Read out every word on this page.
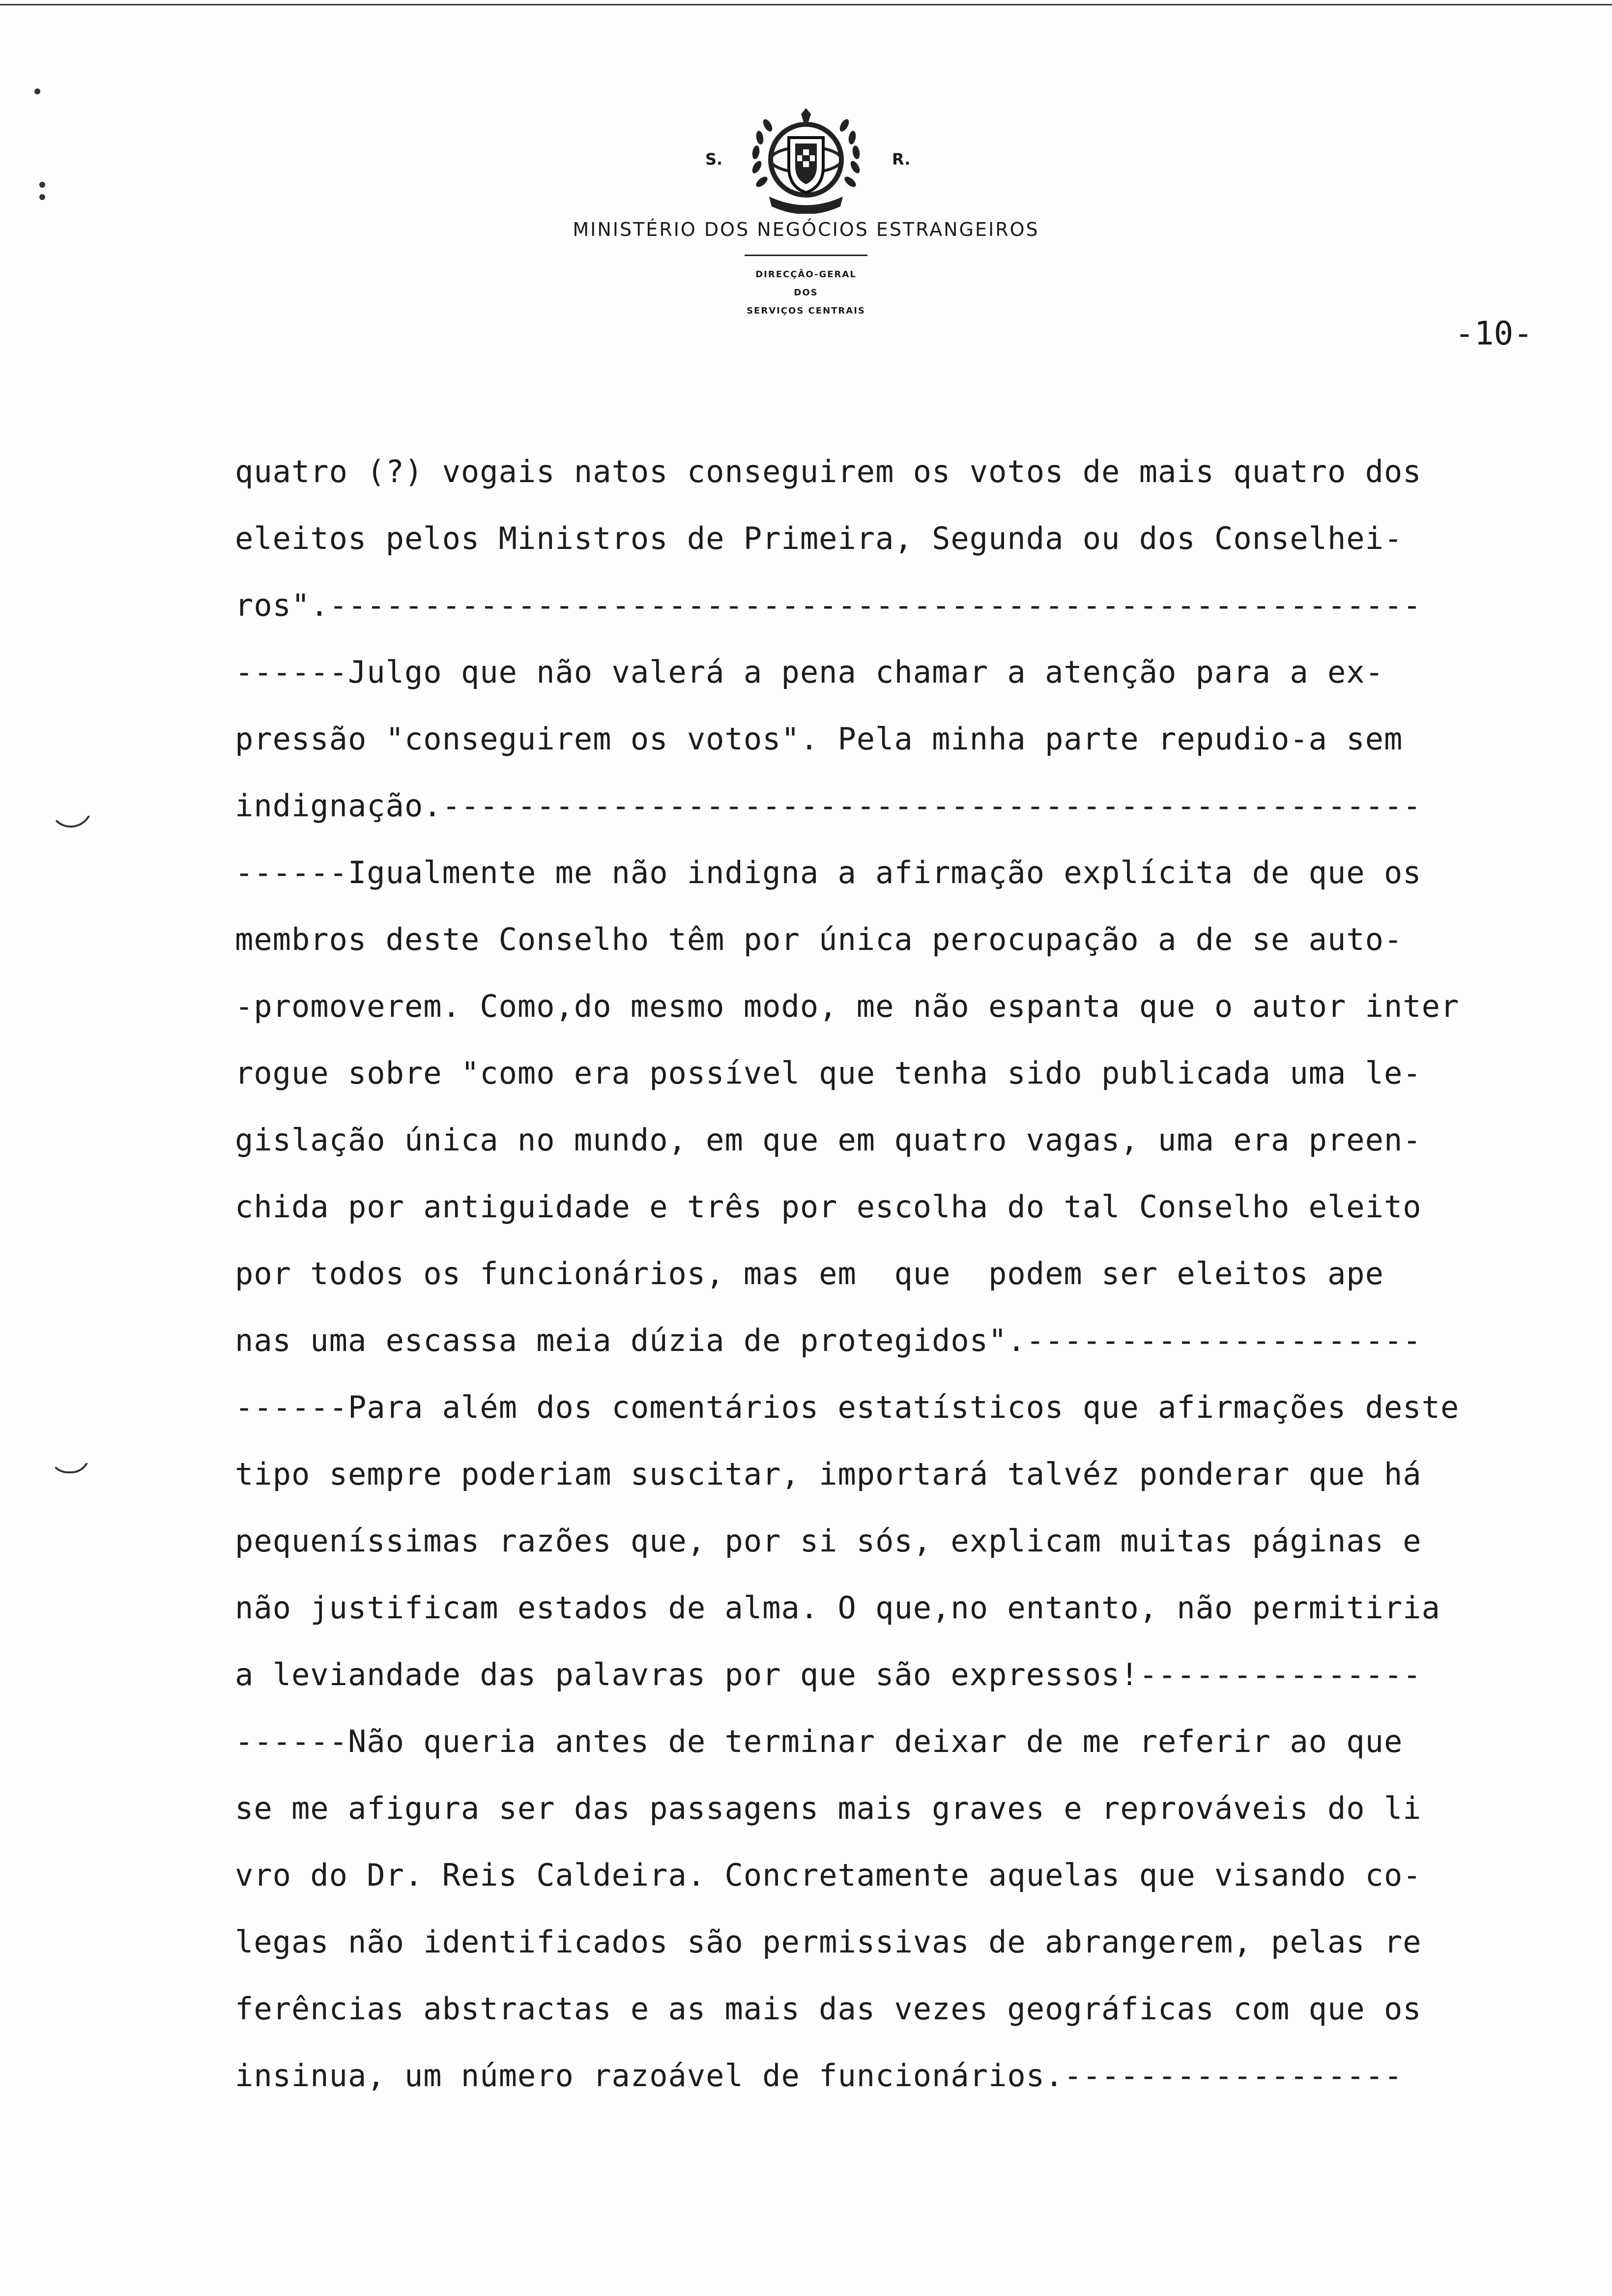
S.	R.
MINISTÉRIO DOS NEGÓCIOS ESTRANGEIROS
DIRECÇÃO-GERAL
DOS
SERVIÇOS CENTRAIS
-10-
quatro (?) vogais natos conseguirem os votos de mais quatro dos
eleitos pelos Ministros de Primeira, Segunda ou dos Conselhei-
ros".----------------------------------------------------------
------Julgo que não valerá a pena chamar a atenção para a ex-
pressão "conseguirem os votos". Pela minha parte repudio-a sem
indignação.----------------------------------------------------
------Igualmente me não indigna a afirmação explícita de que os
membros deste Conselho têm por única perocupação a de se auto-
-promoverem. Como,do mesmo modo, me não espanta que o autor inter
rogue sobre "como era possível que tenha sido publicada uma le-
gislação única no mundo, em que em quatro vagas, uma era preen-
chida por antiguidade e três por escolha do tal Conselho eleito
por todos os funcionários, mas em  que  podem ser eleitos ape
nas uma escassa meia dúzia de protegidos".---------------------
------Para além dos comentários estatísticos que afirmações deste
tipo sempre poderiam suscitar, importará talvéz ponderar que há
pequeníssimas razões que, por si sós, explicam muitas páginas e
não justificam estados de alma. O que,no entanto, não permitiria
a leviandade das palavras por que são expressos!---------------
------Não queria antes de terminar deixar de me referir ao que
se me afigura ser das passagens mais graves e reprováveis do li
vro do Dr. Reis Caldeira. Concretamente aquelas que visando co-
legas não identificados são permissivas de abrangerem, pelas re
ferências abstractas e as mais das vezes geográficas com que os
insinua, um número razoável de funcionários.------------------
